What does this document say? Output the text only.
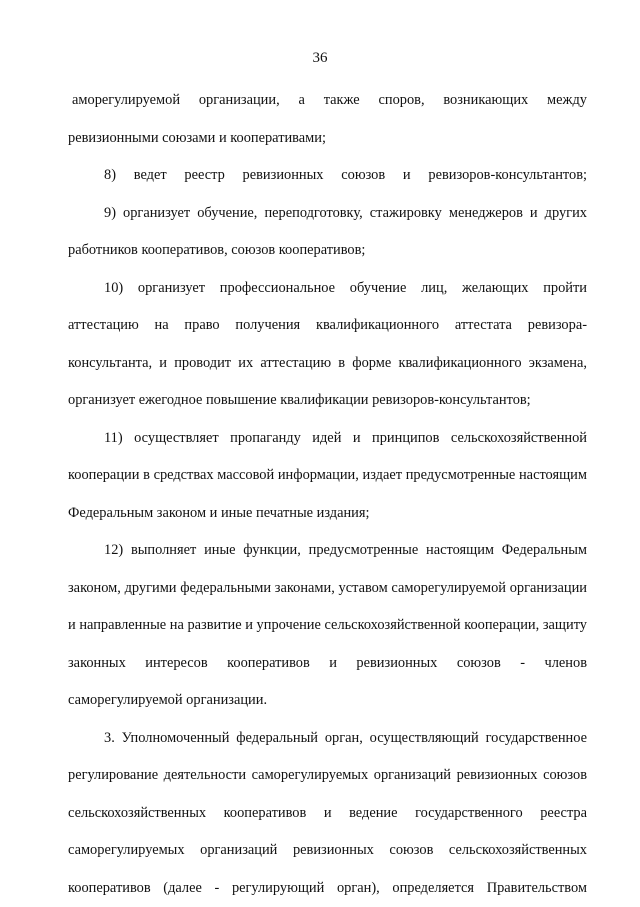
36

аморегулируемой организации, а также споров, возникающих между ревизионными союзами и кооперативами;

8) ведет реестр ревизионных союзов и ревизоров-консультантов;

9) организует обучение, переподготовку, стажировку менеджеров и других работников кооперативов, союзов кооперативов;

10) организует профессиональное обучение лиц, желающих пройти аттестацию на право получения квалификационного аттестата ревизора-консультанта, и проводит их аттестацию в форме квалификационного экзамена, организует ежегодное повышение квалификации ревизоров-консультантов;

11) осуществляет пропаганду идей и принципов сельскохозяйственной кооперации в средствах массовой информации, издает предусмотренные настоящим Федеральным законом и иные печатные издания;

12) выполняет иные функции, предусмотренные настоящим Федеральным законом, другими федеральными законами, уставом саморегулируемой организации и направленные на развитие и упрочение сельскохозяйственной кооперации, защиту законных интересов кооперативов и ревизионных союзов - членов саморегулируемой организации.

3. Уполномоченный федеральный орган, осуществляющий государственное регулирование деятельности саморегулируемых организаций ревизионных союзов сельскохозяйственных кооперативов и ведение государственного реестра саморегулируемых организаций ревизионных союзов сельскохозяйственных кооперативов (далее - регулирующий орган), определяется Правительством
